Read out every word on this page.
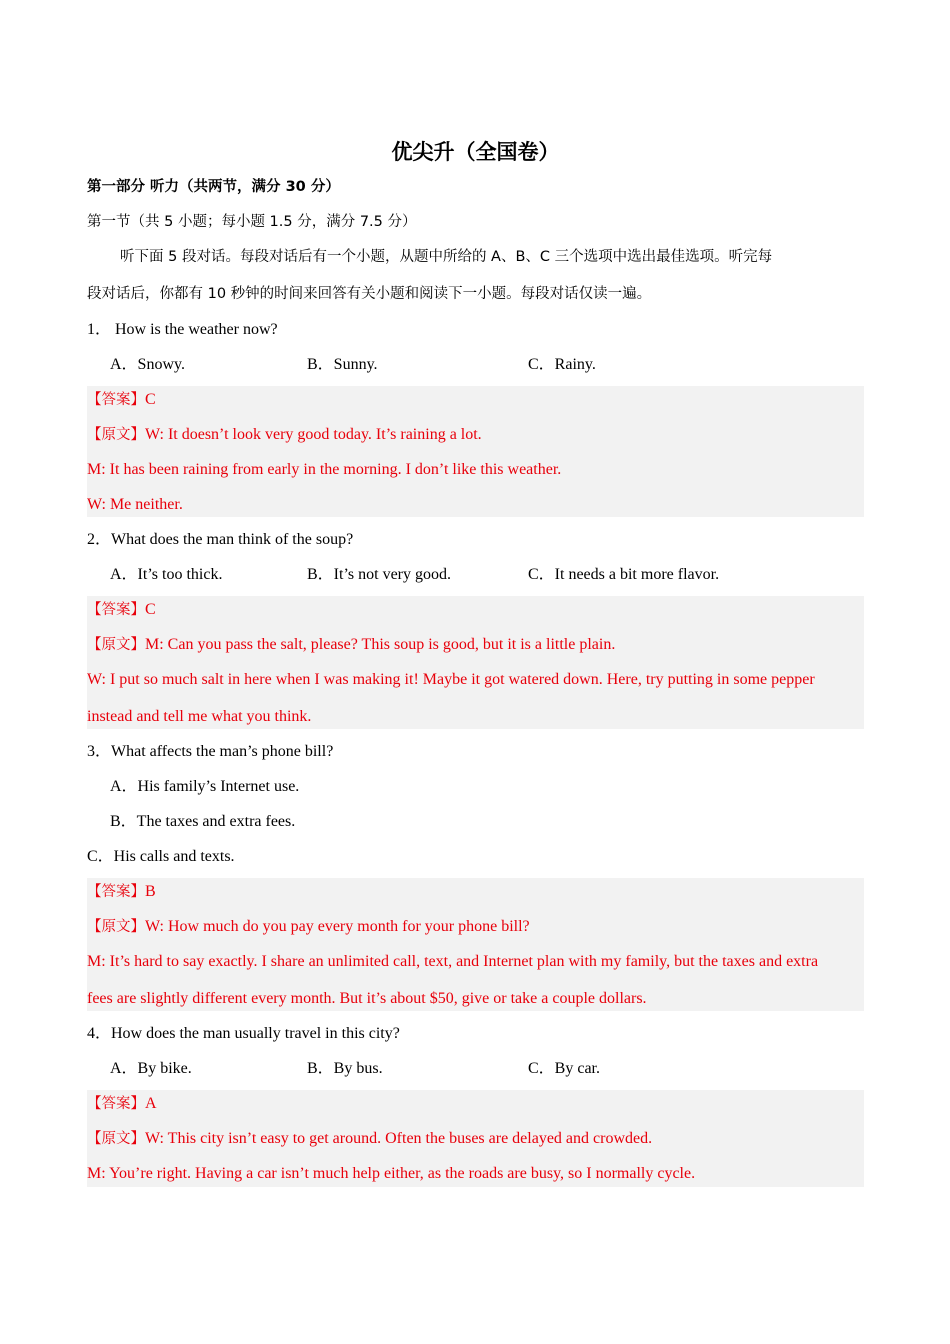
优尖升（全国卷）
第一部分 听力（共两节，满分 30 分）
第一节（共 5 小题；每小题 1.5 分，满分 7.5 分）
听下面 5 段对话。每段对话后有一个小题，从题中所给的 A、B、C 三个选项中选出最佳选项。听完每
段对话后，你都有 10 秒钟的时间来回答有关小题和阅读下一小题。每段对话仅读一遍。
1． How is the weather now?
A．Snowy.	B．Sunny.	C．Rainy.
【答案】C
【原文】W: It doesn’t look very good today. It’s raining a lot.
M: It has been raining from early in the morning. I don’t like this weather.
W: Me neither.
2．What does the man think of the soup?
A．It’s too thick.	B．It’s not very good.	C．It needs a bit more flavor.
【答案】C
【原文】M: Can you pass the salt, please? This soup is good, but it is a little plain.
W: I put so much salt in here when I was making it! Maybe it got watered down. Here, try putting in some pepper
instead and tell me what you think.
3．What affects the man’s phone bill?
A．His family’s Internet use.
B．The taxes and extra fees.
C．His calls and texts.
【答案】B
【原文】W: How much do you pay every month for your phone bill?
M: It’s hard to say exactly. I share an unlimited call, text, and Internet plan with my family, but the taxes and extra
fees are slightly different every month. But it’s about $50, give or take a couple dollars.
4．How does the man usually travel in this city?
A．By bike.	B．By bus.	C．By car.
【答案】A
【原文】W: This city isn’t easy to get around. Often the buses are delayed and crowded.
M: You’re right. Having a car isn’t much help either, as the roads are busy, so I normally cycle.
